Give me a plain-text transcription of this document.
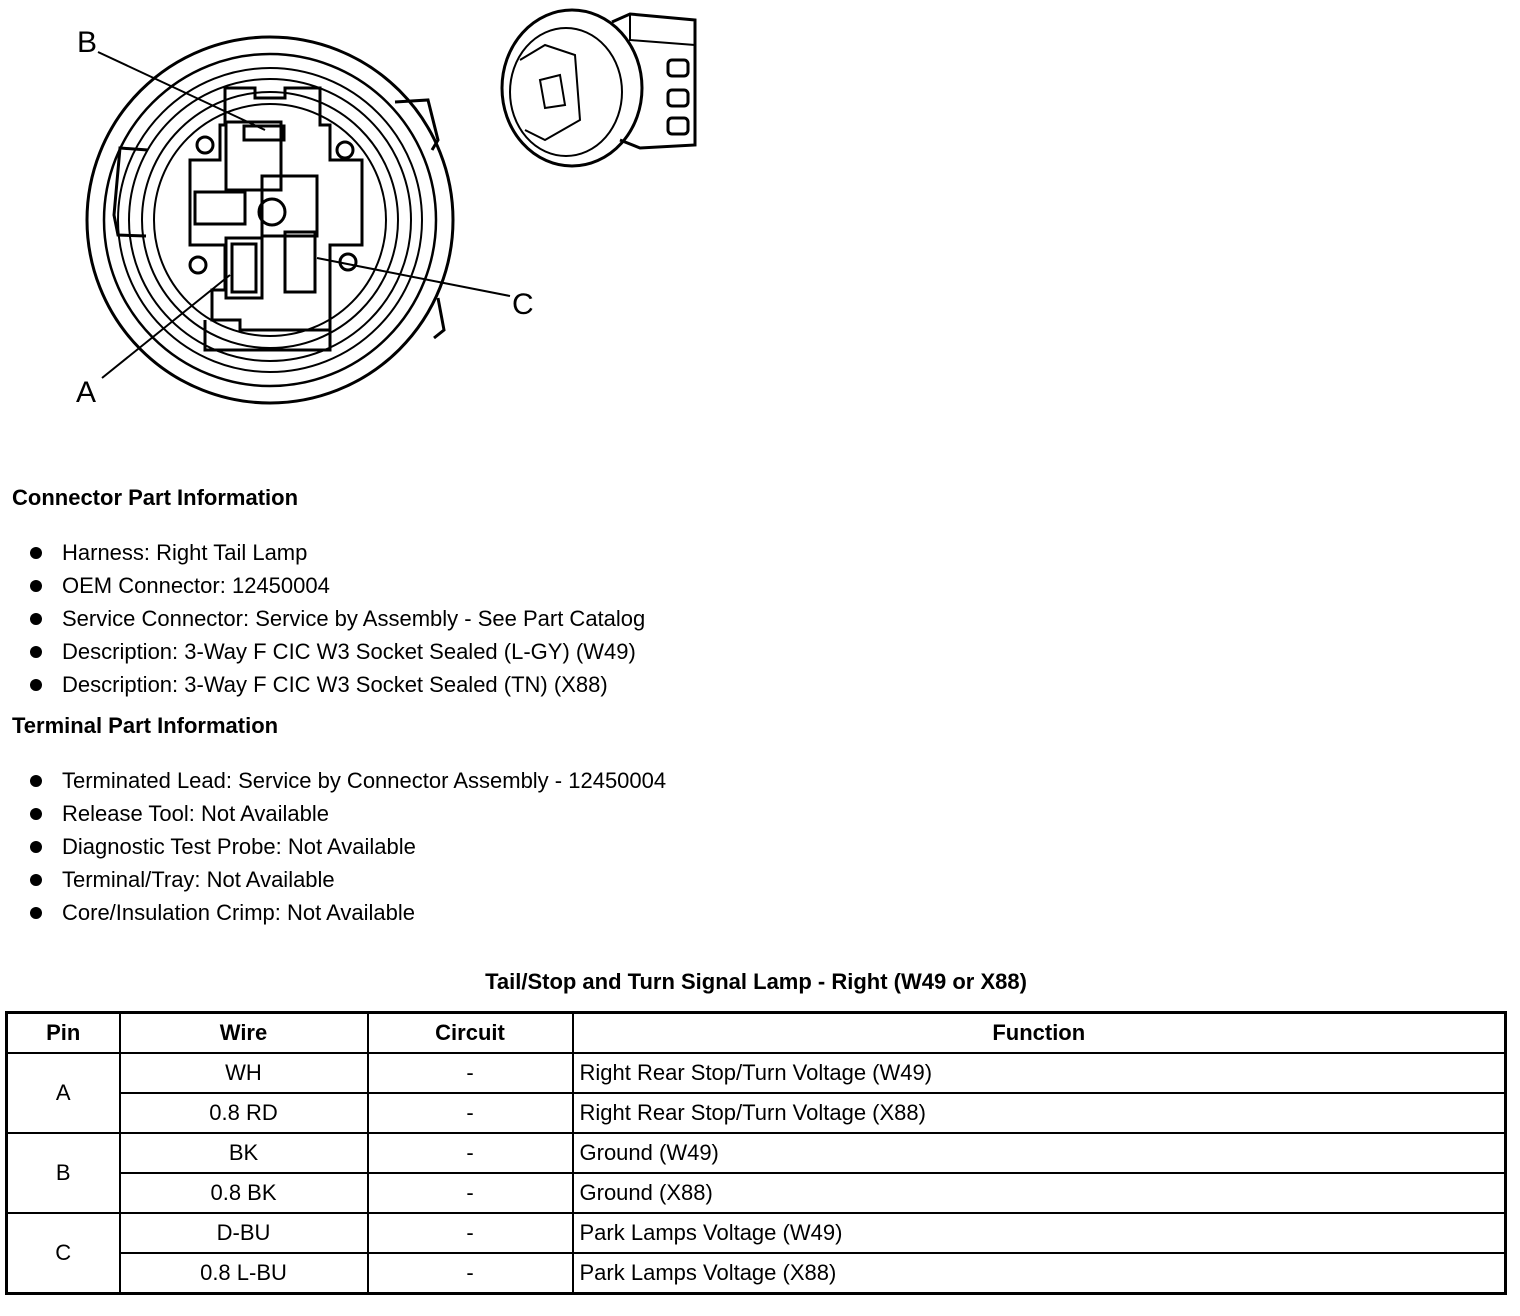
B
C
A
Connector Part Information
Harness: Right Tail Lamp
OEM Connector: 12450004
Service Connector: Service by Assembly - See Part Catalog
Description: 3-Way F CIC W3 Socket Sealed (L-GY) (W49)
Description: 3-Way F CIC W3 Socket Sealed (TN) (X88)
Terminal Part Information
Terminated Lead: Service by Connector Assembly - 12450004
Release Tool: Not Available
Diagnostic Test Probe: Not Available
Terminal/Tray: Not Available
Core/Insulation Crimp: Not Available
Tail/Stop and Turn Signal Lamp - Right (W49 or X88)
Pin	Wire	Circuit	Function
A	WH	-	Right Rear Stop/Turn Voltage (W49)
	0.8 RD	-	Right Rear Stop/Turn Voltage (X88)
B	BK	-	Ground (W49)
	0.8 BK	-	Ground (X88)
C	D-BU	-	Park Lamps Voltage (W49)
	0.8 L-BU	-	Park Lamps Voltage (X88)
